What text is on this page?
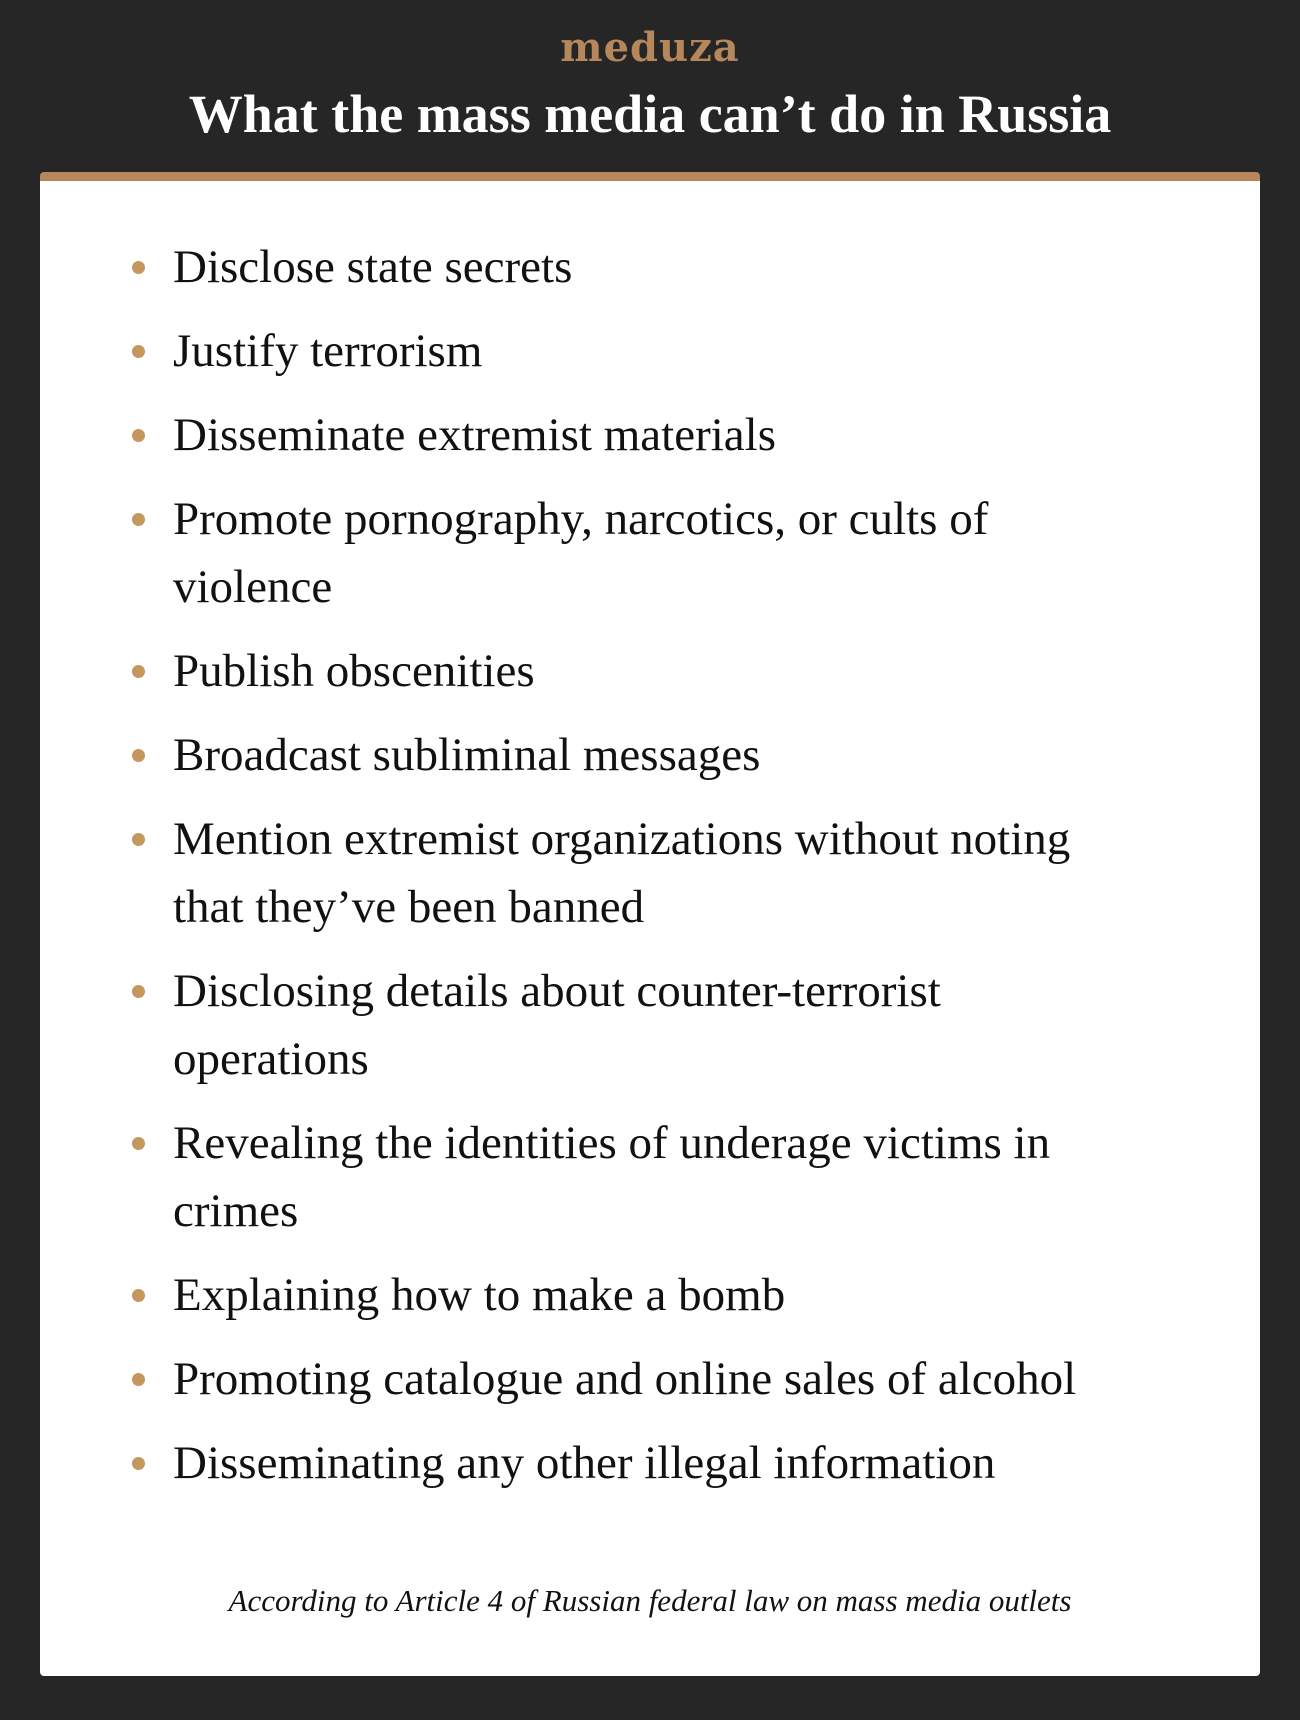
meduza
What the mass media can’t do in Russia
Disclose state secrets
Justify terrorism
Disseminate extremist materials
Promote pornography, narcotics, or cults of violence
Publish obscenities
Broadcast subliminal messages
Mention extremist organizations without noting that they’ve been banned
Disclosing details about counter-terrorist operations
Revealing the identities of underage victims in crimes
Explaining how to make a bomb
Promoting catalogue and online sales of alcohol
Disseminating any other illegal information
According to Article 4 of Russian federal law on mass media outlets
